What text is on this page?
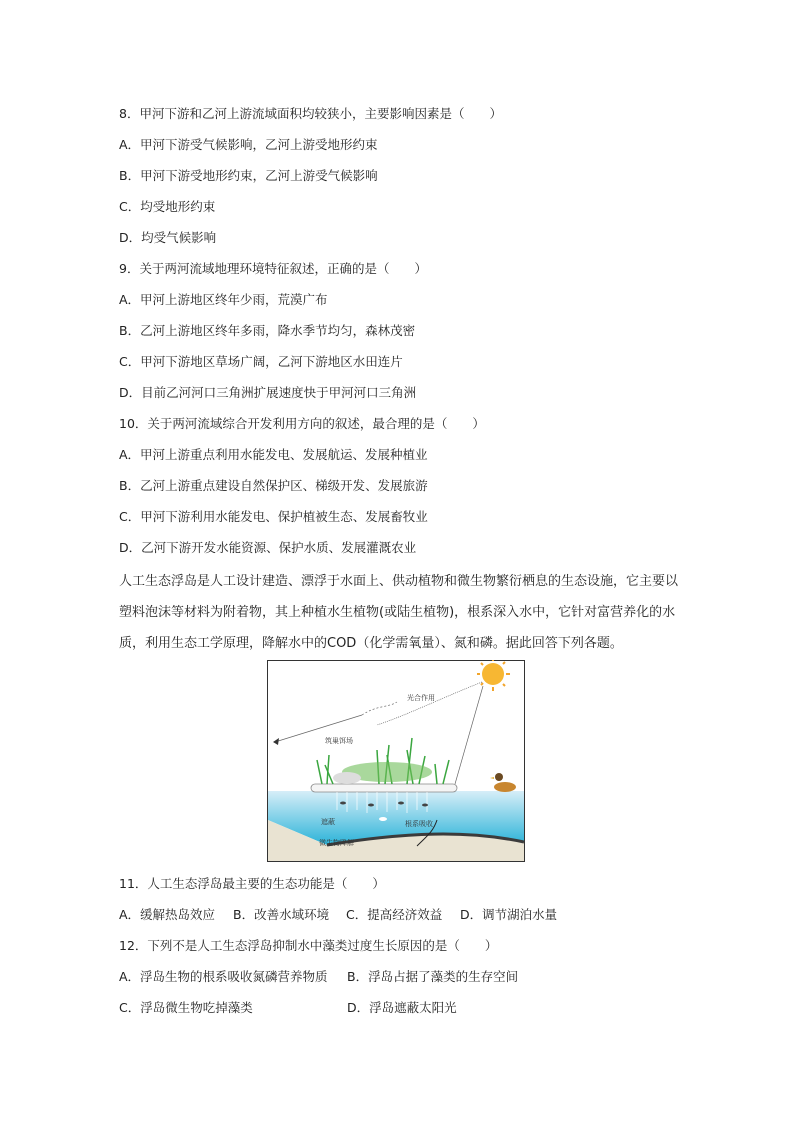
8．甲河下游和乙河上游流域面积均较狭小，主要影响因素是（　　）
A．甲河下游受气候影响，乙河上游受地形约束
B．甲河下游受地形约束，乙河上游受气候影响
C．均受地形约束
D．均受气候影响
9．关于两河流域地理环境特征叙述，正确的是（　　）
A．甲河上游地区终年少雨，荒漠广布
B．乙河上游地区终年多雨，降水季节均匀，森林茂密
C．甲河下游地区草场广阔，乙河下游地区水田连片
D．目前乙河河口三角洲扩展速度快于甲河河口三角洲
10．关于两河流域综合开发利用方向的叙述，最合理的是（　　）
A．甲河上游重点利用水能发电、发展航运、发展种植业
B．乙河上游重点建设自然保护区、梯级开发、发展旅游
C．甲河下游利用水能发电、保护植被生态、发展畜牧业
D．乙河下游开发水能资源、保护水质、发展灌溉农业
人工生态浮岛是人工设计建造、漂浮于水面上、供动植物和微生物繁衍栖息的生态设施，它主要以塑料泡沫等材料为附着物，其上种植水生植物(或陆生植物)，根系深入水中，它针对富营养化的水质，利用生态工学原理，降解水中的COD（化学需氧量）、氮和磷。据此回答下列各题。
光合作用
筑巢饵场
遮蔽	根系吸收
微生物降解
11．人工生态浮岛最主要的生态功能是（　　）
A．缓解热岛效应 B．改善水域环境 C．提高经济效益 D．调节湖泊水量
12．下列不是人工生态浮岛抑制水中藻类过度生长原因的是（　　）
A．浮岛生物的根系吸收氮磷营养物质 B．浮岛占据了藻类的生存空间
C．浮岛微生物吃掉藻类	D．浮岛遮蔽太阳光
